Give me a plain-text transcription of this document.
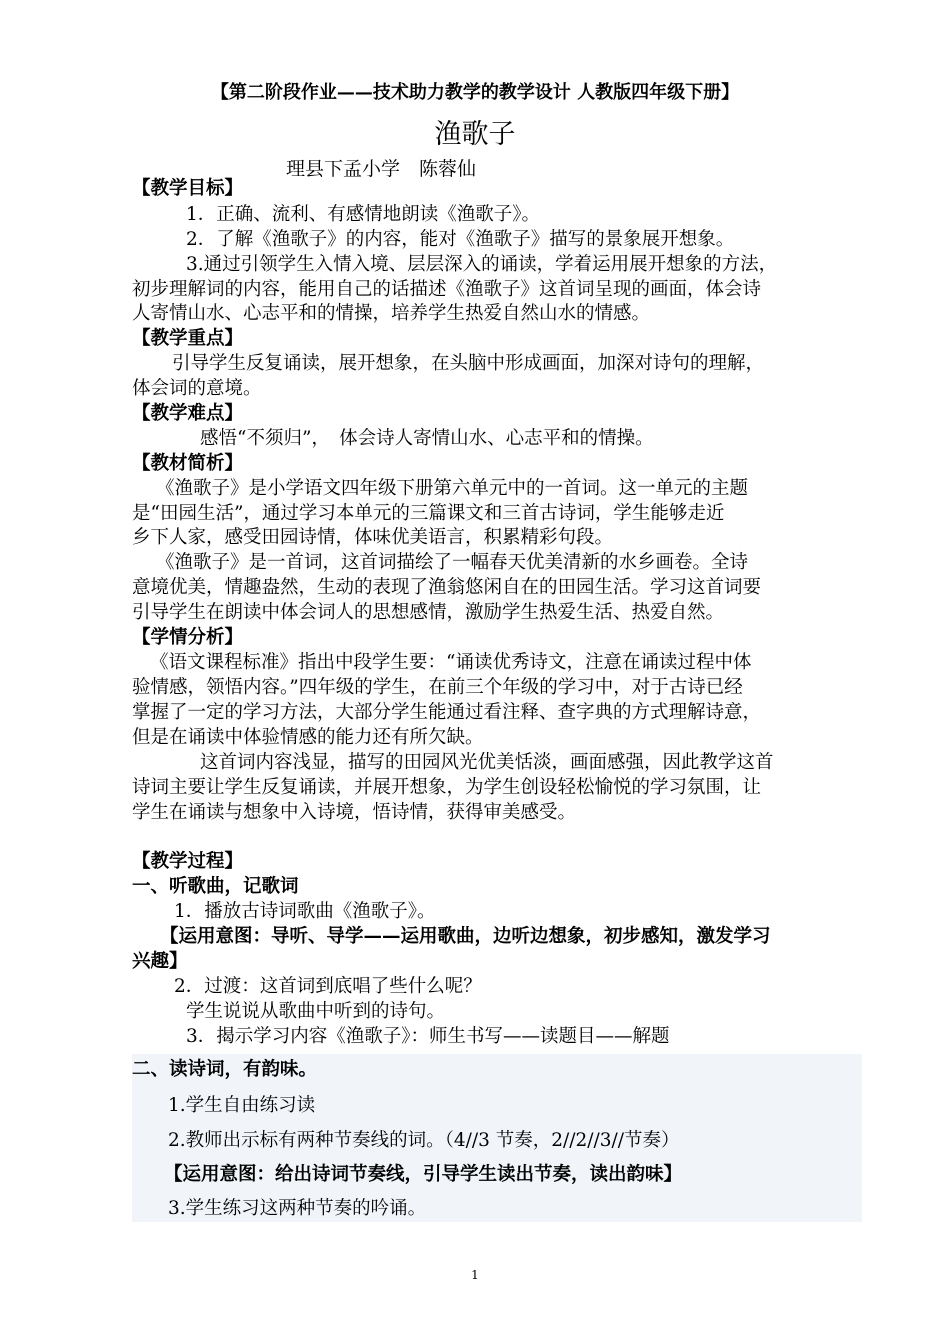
【第二阶段作业——技术助力教学的教学设计 人教版四年级下册】
渔歌子
理县下孟小学　陈蓉仙
【教学目标】
1．正确、流利、有感情地朗读《渔歌子》。
2．了解《渔歌子》的内容，能对《渔歌子》描写的景象展开想象。
3.通过引领学生入情入境、层层深入的诵读，学着运用展开想象的方法，
初步理解词的内容，能用自己的话描述《渔歌子》这首词呈现的画面，体会诗
人寄情山水、心志平和的情操，培养学生热爱自然山水的情感。
【教学重点】
引导学生反复诵读，展开想象，在头脑中形成画面，加深对诗句的理解，
体会词的意境。
【教学难点】
感悟“不须归”，　体会诗人寄情山水、心志平和的情操。
【教材简析】
《渔歌子》是小学语文四年级下册第六单元中的一首词。这一单元的主题
是“田园生活”，通过学习本单元的三篇课文和三首古诗词，学生能够走近
乡下人家，感受田园诗情，体味优美语言，积累精彩句段。
《渔歌子》是一首词，这首词描绘了一幅春天优美清新的水乡画卷。全诗
意境优美，情趣盎然，生动的表现了渔翁悠闲自在的田园生活。学习这首词要
引导学生在朗读中体会词人的思想感情，激励学生热爱生活、热爱自然。
【学情分析】
《语文课程标准》指出中段学生要：“诵读优秀诗文，注意在诵读过程中体
验情感，领悟内容。”四年级的学生，在前三个年级的学习中，对于古诗已经
掌握了一定的学习方法，大部分学生能通过看注释、查字典的方式理解诗意，
但是在诵读中体验情感的能力还有所欠缺。
这首词内容浅显，描写的田园风光优美恬淡，画面感强，因此教学这首
诗词主要让学生反复诵读，并展开想象，为学生创设轻松愉悦的学习氛围，让
学生在诵读与想象中入诗境，悟诗情，获得审美感受。
【教学过程】
一、听歌曲，记歌词
1．播放古诗词歌曲《渔歌子》。
【运用意图：导听、导学——运用歌曲，边听边想象，初步感知，激发学习
兴趣】
2．过渡：这首词到底唱了些什么呢？
学生说说从歌曲中听到的诗句。
3．揭示学习内容《渔歌子》：师生书写——读题目——解题
二、读诗词，有韵味。
1.学生自由练习读
2.教师出示标有两种节奏线的词。（4//3 节奏，2//2//3//节奏）
【运用意图：给出诗词节奏线，引导学生读出节奏，读出韵味】
3.学生练习这两种节奏的吟诵。
1
